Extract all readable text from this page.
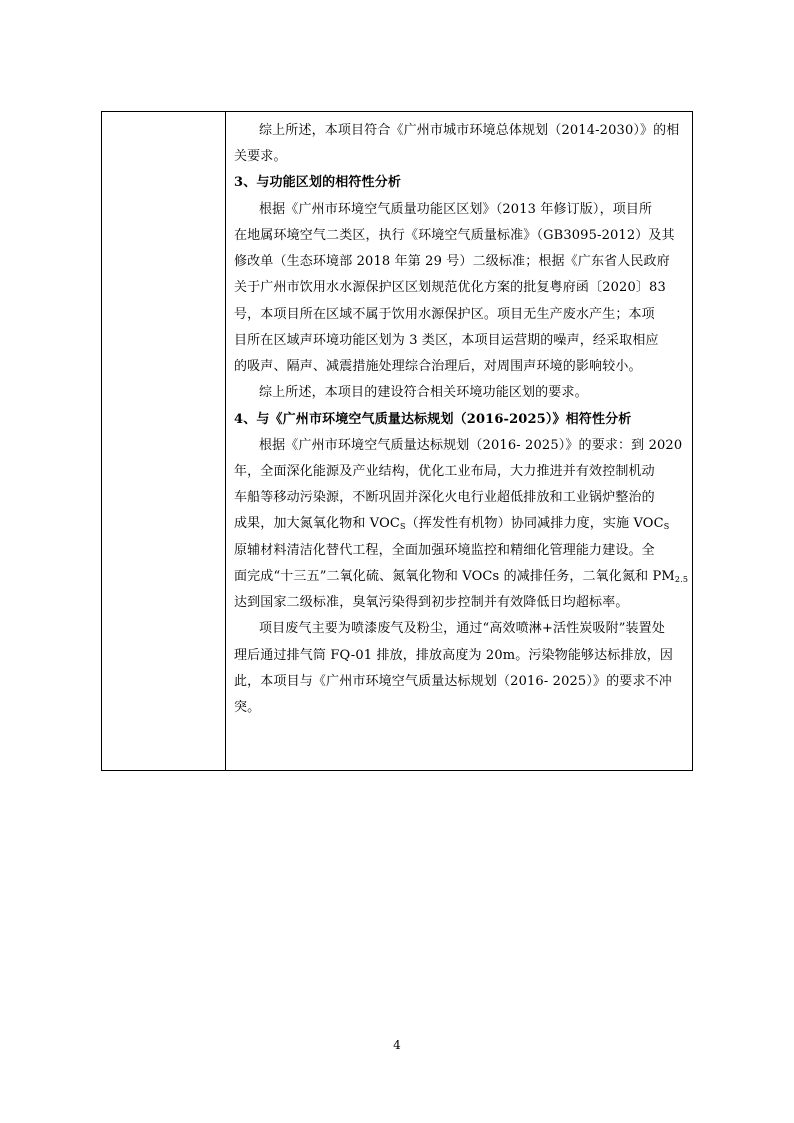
综上所述，本项目符合《广州市城市环境总体规划（2014-2030）》的相
关要求。
3、与功能区划的相符性分析
根据《广州市环境空气质量功能区区划》（2013 年修订版），项目所
在地属环境空气二类区，执行《环境空气质量标准》（GB3095-2012）及其
修改单（生态环境部 2018 年第 29 号）二级标准；根据《广东省人民政府
关于广州市饮用水水源保护区区划规范优化方案的批复粤府函〔2020〕83
号，本项目所在区域不属于饮用水源保护区。项目无生产废水产生；本项
目所在区域声环境功能区划为 3 类区，本项目运营期的噪声，经采取相应
的吸声、隔声、减震措施处理综合治理后，对周围声环境的影响较小。
综上所述，本项目的建设符合相关环境功能区划的要求。
4、与《广州市环境空气质量达标规划（2016-2025）》相符性分析
根据《广州市环境空气质量达标规划（2016- 2025）》的要求：到 2020
年，全面深化能源及产业结构，优化工业布局，大力推进并有效控制机动
车船等移动污染源，不断巩固并深化火电行业超低排放和工业锅炉整治的
成果，加大氮氧化物和 $VOC_S$（挥发性有机物）协同减排力度，实施 $VOC_S$
原辅材料清洁化替代工程，全面加强环境监控和精细化管理能力建设。全
面完成“十三五”二氧化硫、氮氧化物和 VOCs 的减排任务，二氧化氮和 $PM_{2.5}$
达到国家二级标准，臭氧污染得到初步控制并有效降低日均超标率。
项目废气主要为喷漆废气及粉尘，通过“高效喷淋+活性炭吸附”装置处
理后通过排气筒 FQ-01 排放，排放高度为 20m。污染物能够达标排放，因
此，本项目与《广州市环境空气质量达标规划（2016- 2025）》的要求不冲
突。
4
